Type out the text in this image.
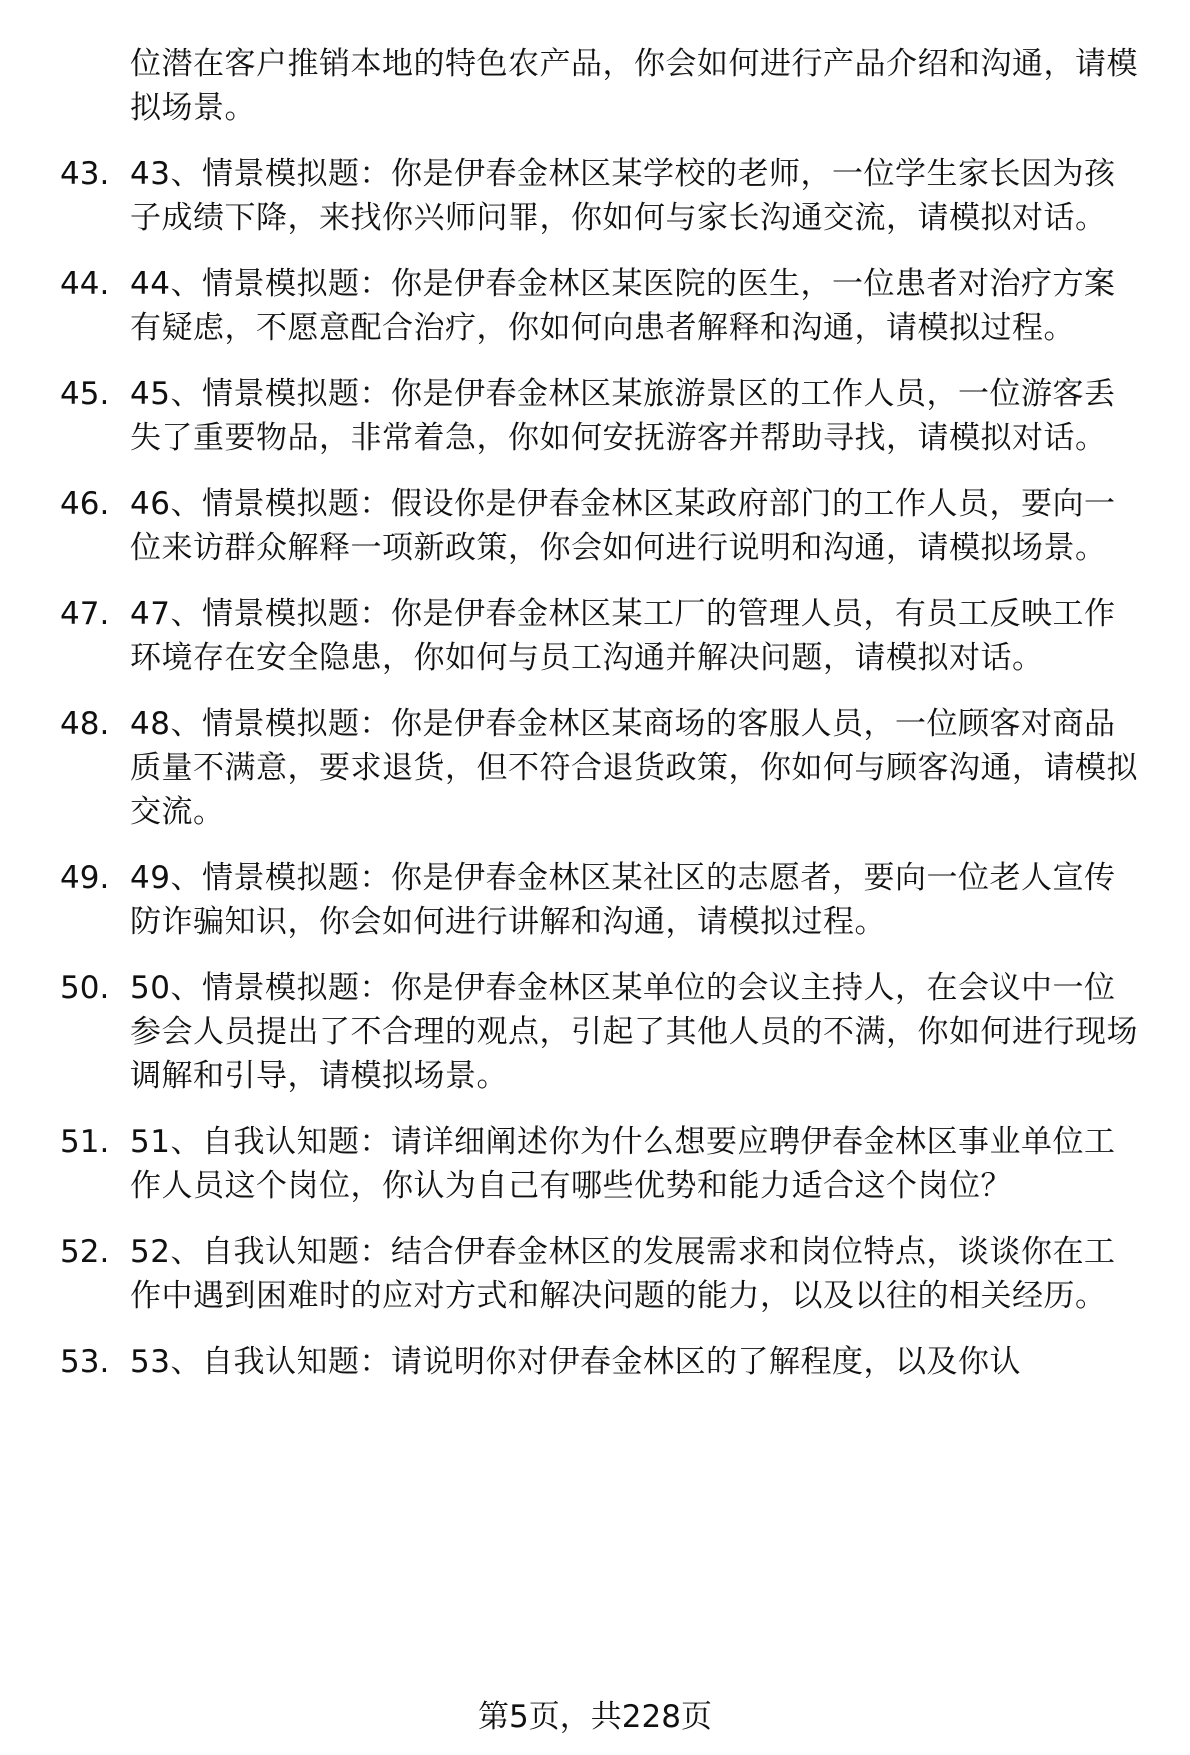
位潜在客户推销本地的特色农产品，你会如何进行产品介绍和沟通，请模拟场景。
43. 43、情景模拟题：你是伊春金林区某学校的老师，一位学生家长因为孩子成绩下降，来找你兴师问罪，你如何与家长沟通交流，请模拟对话。
44. 44、情景模拟题：你是伊春金林区某医院的医生，一位患者对治疗方案有疑虑，不愿意配合治疗，你如何向患者解释和沟通，请模拟过程。
45. 45、情景模拟题：你是伊春金林区某旅游景区的工作人员，一位游客丢失了重要物品，非常着急，你如何安抚游客并帮助寻找，请模拟对话。
46. 46、情景模拟题：假设你是伊春金林区某政府部门的工作人员，要向一位来访群众解释一项新政策，你会如何进行说明和沟通，请模拟场景。
47. 47、情景模拟题：你是伊春金林区某工厂的管理人员，有员工反映工作环境存在安全隐患，你如何与员工沟通并解决问题，请模拟对话。
48. 48、情景模拟题：你是伊春金林区某商场的客服人员，一位顾客对商品质量不满意，要求退货，但不符合退货政策，你如何与顾客沟通，请模拟交流。
49. 49、情景模拟题：你是伊春金林区某社区的志愿者，要向一位老人宣传防诈骗知识，你会如何进行讲解和沟通，请模拟过程。
50. 50、情景模拟题：你是伊春金林区某单位的会议主持人，在会议中一位参会人员提出了不合理的观点，引起了其他人员的不满，你如何进行现场调解和引导，请模拟场景。
51. 51、自我认知题：请详细阐述你为什么想要应聘伊春金林区事业单位工作人员这个岗位，你认为自己有哪些优势和能力适合这个岗位？
52. 52、自我认知题：结合伊春金林区的发展需求和岗位特点，谈谈你在工作中遇到困难时的应对方式和解决问题的能力，以及以往的相关经历。
53. 53、自我认知题：请说明你对伊春金林区的了解程度，以及你认
第5页，共228页
